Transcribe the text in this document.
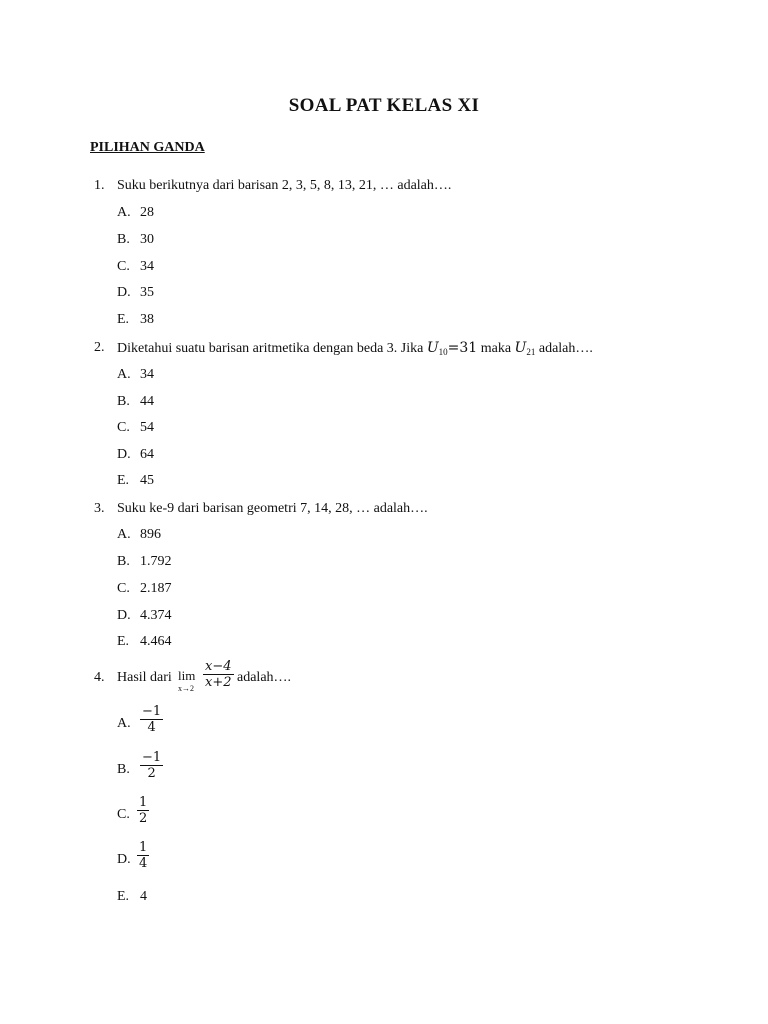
SOAL PAT KELAS XI
PILIHAN GANDA
1. Suku berikutnya dari barisan 2, 3, 5, 8, 13, 21, … adalah….
A. 28
B. 30
C. 34
D. 35
E. 38
2. Diketahui suatu barisan aritmetika dengan beda 3. Jika $U_{10}=31$ maka $U_{21}$ adalah….
A. 34
B. 44
C. 54
D. 64
E. 45
3. Suku ke-9 dari barisan geometri 7, 14, 28, … adalah….
A. 896
B. 1.792
C. 2.187
D. 4.374
E. 4.464
4. Hasil dari lim
x→2
x−4
x+2 adalah….
A.
−1
4
B.
−1
2
C.
1
2
D.
1
4
E. 4
